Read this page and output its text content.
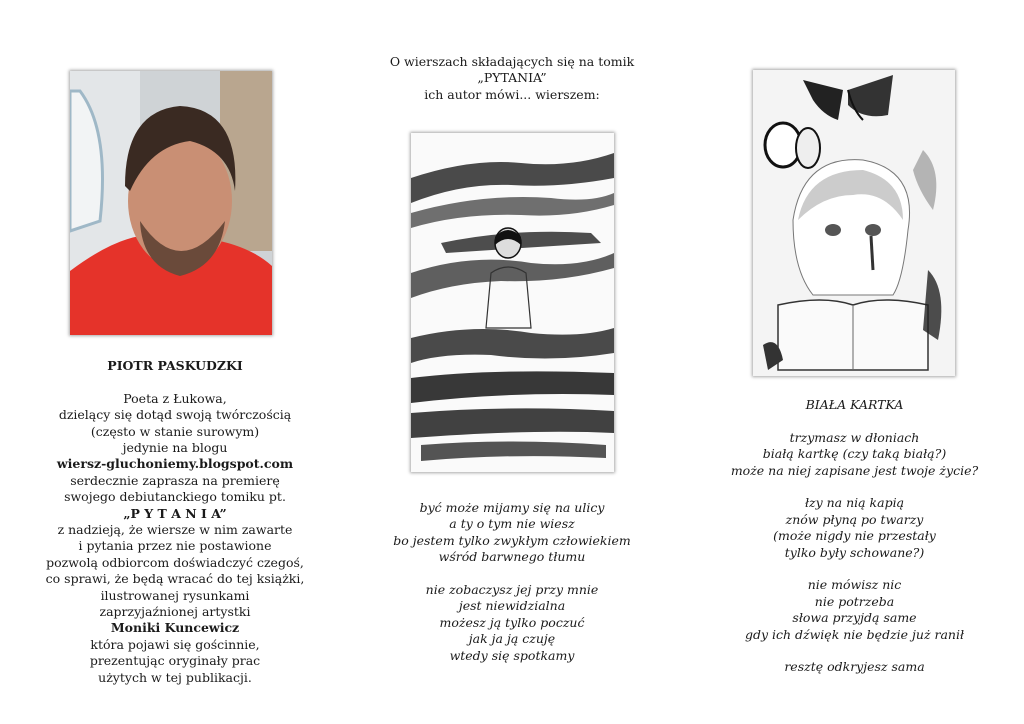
PIOTR PASKUDZKI

Poeta z Łukowa,

dzielący się dotąd swoją twórczością

(często w stanie surowym)

jedynie na blogu

wiersz-gluchoniemy.blogspot.com

serdecznie zaprasza na premierę

swojego debiutanckiego tomiku pt.

„P Y T A N I A”

z nadzieją, że wiersze w nim zawarte

i pytania przez nie postawione

pozwolą odbiorcom doświadczyć czegoś,

co sprawi, że będą wracać do tej książki,

ilustrowanej rysunkami

zaprzyjaźnionej artystki

Moniki Kuncewicz

która pojawi się gościnnie,

prezentując oryginały prac

użytych w tej publikacji.

O wierszach składających się na tomik

„PYTANIA”

ich autor mówi... wierszem:

być może mijamy się na ulicy

a ty o tym nie wiesz

bo jestem tylko zwykłym człowiekiem

wśród barwnego tłumu

nie zobaczysz jej przy mnie

jest niewidzialna

możesz ją tylko poczuć

jak ja ją czuję

wtedy się spotkamy

BIAŁA KARTKA

trzymasz w dłoniach

białą kartkę (czy taką białą?)

może na niej zapisane jest twoje życie?

łzy na nią kapią

znów płyną po twarzy

(może nigdy nie przestały

tylko były schowane?)

nie mówisz nic

nie potrzeba

słowa przyjdą same

gdy ich dźwięk nie będzie już ranił

resztę odkryjesz sama
